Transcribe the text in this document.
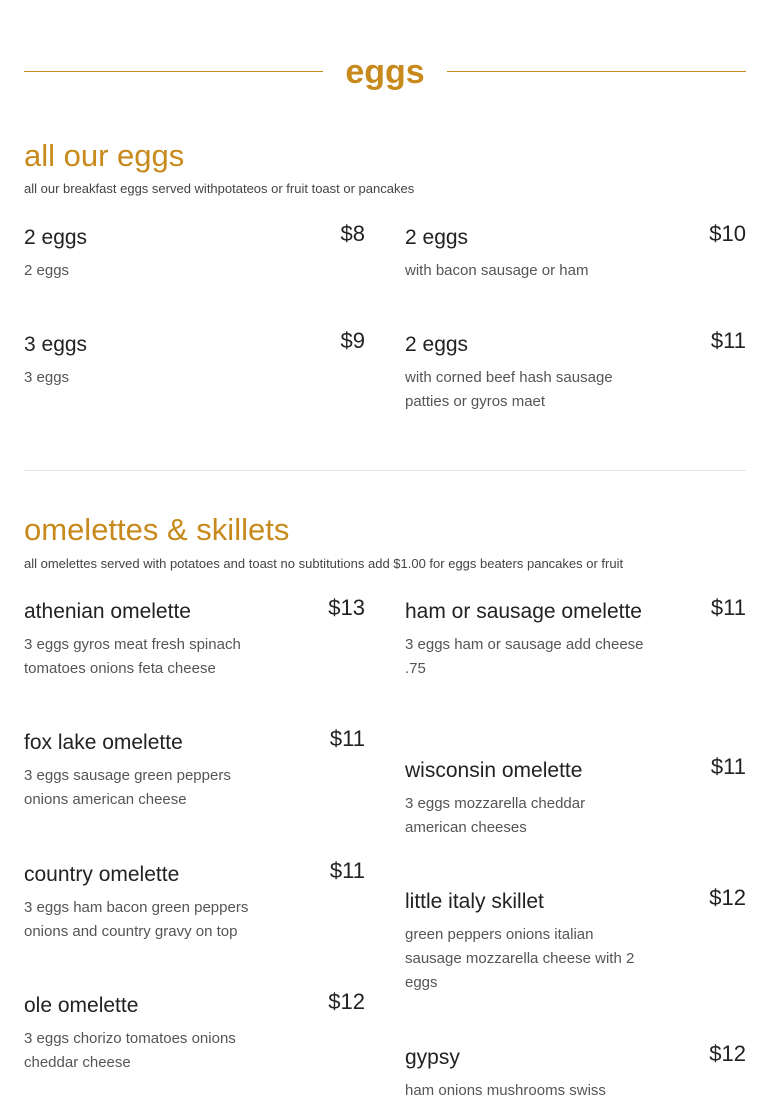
eggs
all our eggs
all our breakfast eggs served withpotateos or fruit toast or pancakes
2 eggs	$8
2 eggs
2 eggs	$10
with bacon sausage or ham
3 eggs	$9
3 eggs
2 eggs	$11
with corned beef hash sausage patties or gyros maet
omelettes & skillets
all omelettes served with potatoes and toast no subtitutions add $1.00 for eggs beaters pancakes or fruit
athenian omelette	$13
3 eggs gyros meat fresh spinach tomatoes onions feta cheese
fox lake omelette	$11
3 eggs sausage green peppers onions american cheese
country omelette	$11
3 eggs ham bacon green peppers onions and country gravy on top
ole omelette	$12
3 eggs chorizo tomatoes onions cheddar cheese
ham or sausage omelette	$11
3 eggs ham or sausage add cheese .75
wisconsin omelette	$11
3 eggs mozzarella cheddar american cheeses
little italy skillet	$12
green peppers onions italian sausage mozzarella cheese with 2 eggs
gypsy	$12
ham onions mushrooms swiss
